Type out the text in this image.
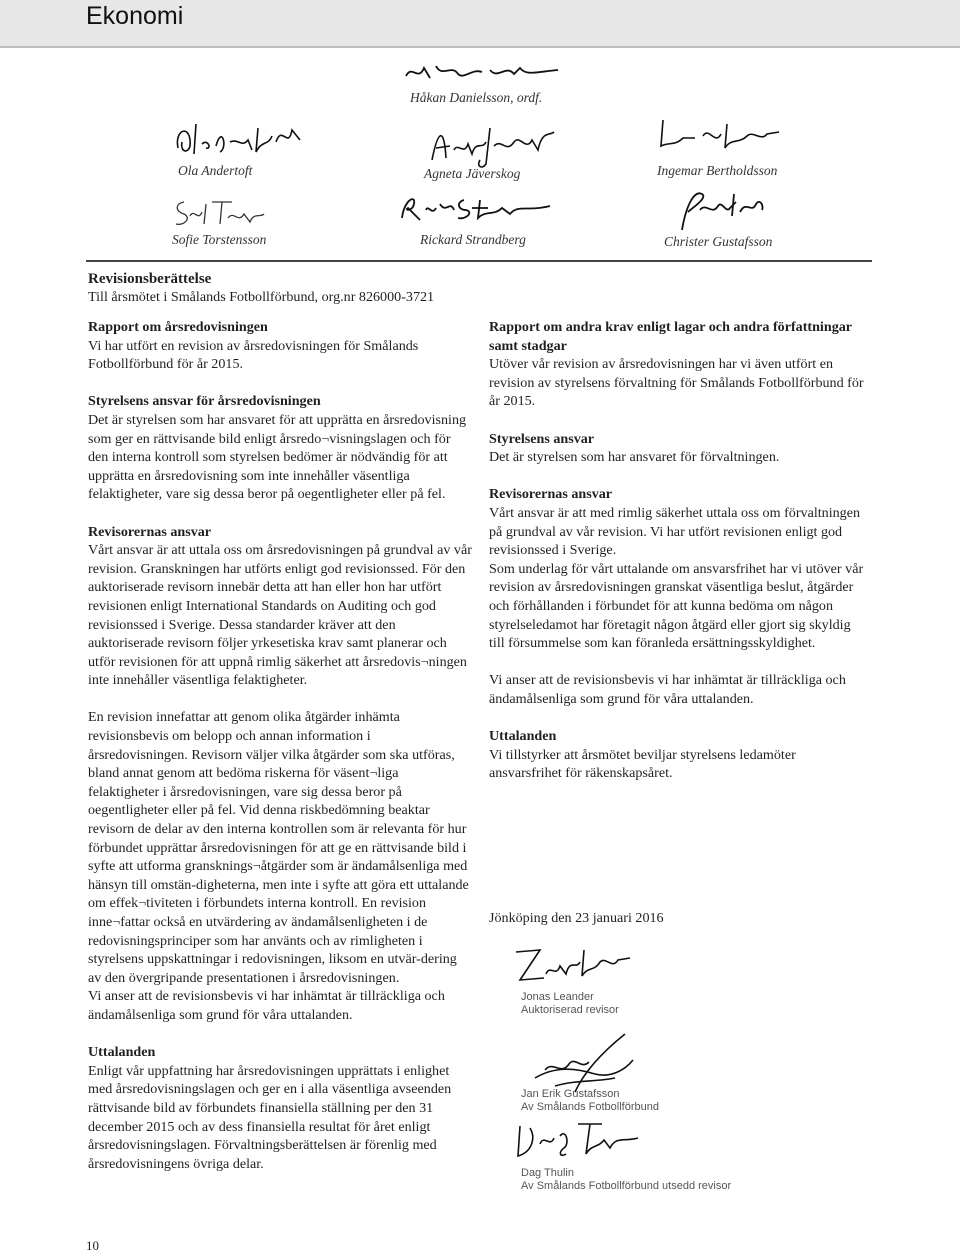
Ekonomi
Håkan Danielsson, ordf.
Ola Andertoft	Agneta Jäverskog	Ingemar Bertholdsson
Sofie Torstensson	Rickard Strandberg	Christer Gustafsson
Revisionsberättelse

Till årsmötet i Smålands Fotbollförbund, org.nr 826000-3721

Rapport om årsredovisningen

Vi har utfört en revision av årsredovisningen för Smålands Fotbollförbund för år 2015.

Styrelsens ansvar för årsredovisningen

Det är styrelsen som har ansvaret för att upprätta en årsredovisning som ger en rättvisande bild enligt årsredo¬visningslagen och för den interna kontroll som styrelsen bedömer är nödvändig för att upprätta en årsredovisning som inte innehåller väsentliga felaktigheter, vare sig dessa beror på oegentligheter eller på fel.

Revisorernas ansvar

Vårt ansvar är att uttala oss om årsredovisningen på grundval av vår revision. Granskningen har utförts enligt god revisionssed. För den auktoriserade revisorn innebär detta att han eller hon har utfört revisionen enligt International Standards on Auditing och god revisionssed i Sverige. Dessa standarder kräver att den auktoriserade revisorn följer yrkesetiska krav samt planerar och utför revisionen för att uppnå rimlig säkerhet att årsredovis¬ningen inte innehåller väsentliga felaktigheter.

En revision innefattar att genom olika åtgärder inhämta revisionsbevis om belopp och annan information i årsredovisningen. Revisorn väljer vilka åtgärder som ska utföras, bland annat genom att bedöma riskerna för väsent¬liga felaktigheter i årsredovisningen, vare sig dessa beror på oegentligheter eller på fel. Vid denna riskbedömning beaktar revisorn de delar av den interna kontrollen som är relevanta för hur förbundet upprättar årsredovisningen för att ge en rättvisande bild i syfte att utforma gransknings¬åtgärder som är ändamålsenliga med hänsyn till omstän-digheterna, men inte i syfte att göra ett uttalande om effek¬tiviteten i förbundets interna kontroll. En revision inne¬fattar också en utvärdering av ändamålsenligheten i de redovisningsprinciper som har använts och av rimligheten i styrelsens uppskattningar i redovisningen, liksom en utvär-dering av den övergripande presentationen i årsredovisningen.

Vi anser att de revisionsbevis vi har inhämtat är tillräckliga och ändamålsenliga som grund för våra uttalanden.

Uttalanden

Enligt vår uppfattning har årsredovisningen upprättats i enlighet med årsredovisningslagen och ger en i alla väsentliga avseenden rättvisande bild av förbundets finansiella ställning per den 31 december 2015 och av dess finansiella resultat för året enligt årsredovisningslagen. Förvaltningsberättelsen är förenlig med årsredovisningens övriga delar.

Rapport om andra krav enligt lagar och andra författningar samt stadgar

Utöver vår revision av årsredovisningen har vi även utfört en revision av styrelsens förvaltning för Smålands Fotbollförbund för år 2015.

Styrelsens ansvar

Det är styrelsen som har ansvaret för förvaltningen.

Revisorernas ansvar

Vårt ansvar är att med rimlig säkerhet uttala oss om förvaltningen på grundval av vår revision. Vi har utfört revisionen enligt god revisionssed i Sverige.

Som underlag för vårt uttalande om ansvarsfrihet har vi utöver vår revision av årsredovisningen granskat väsentliga beslut, åtgärder och förhållanden i förbundet för att kunna bedöma om någon styrelseledamot har företagit någon åtgärd eller gjort sig skyldig till försummelse som kan föranleda ersättningsskyldighet.

Vi anser att de revisionsbevis vi har inhämtat är tillräckliga och ändamålsenliga som grund för våra uttalanden.

Uttalanden

Vi tillstyrker att årsmötet beviljar styrelsens ledamöter ansvarsfrihet för räkenskapsåret.

Jönköping den 23 januari 2016

Jonas Leander
Auktoriserad revisor
Jan Erik Gustafsson
Av Smålands Fotbollförbund
Dag Thulin
Av Smålands Fotbollförbund utsedd revisor
10
